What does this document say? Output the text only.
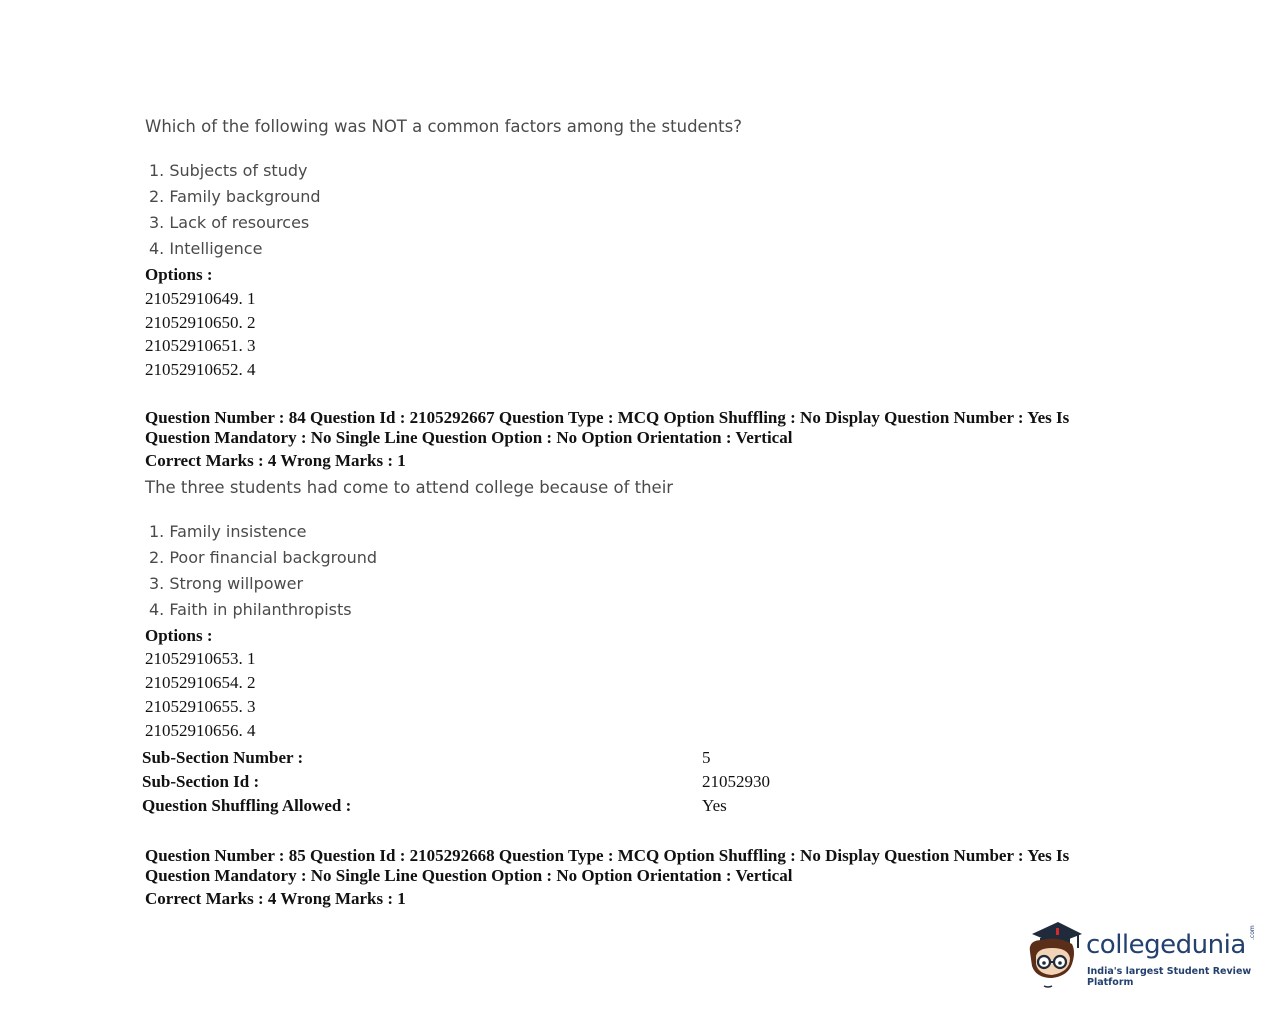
Which of the following was NOT a common factors among the students?
1. Subjects of study
2. Family background
3. Lack of resources
4. Intelligence
Options :
21052910649. 1
21052910650. 2
21052910651. 3
21052910652. 4
Question Number : 84 Question Id : 2105292667 Question Type : MCQ Option Shuffling : No Display Question Number : Yes Is
Question Mandatory : No Single Line Question Option : No Option Orientation : Vertical
Correct Marks : 4 Wrong Marks : 1
The three students had come to attend college because of their
1. Family insistence
2. Poor financial background
3. Strong willpower
4. Faith in philanthropists
Options :
21052910653. 1
21052910654. 2
21052910655. 3
21052910656. 4
Sub-Section Number :	5
Sub-Section Id :	21052930
Question Shuffling Allowed :	Yes
Question Number : 85 Question Id : 2105292668 Question Type : MCQ Option Shuffling : No Display Question Number : Yes Is
Question Mandatory : No Single Line Question Option : No Option Orientation : Vertical
Correct Marks : 4 Wrong Marks : 1
collegedunia .com
India's largest Student Review Platform
